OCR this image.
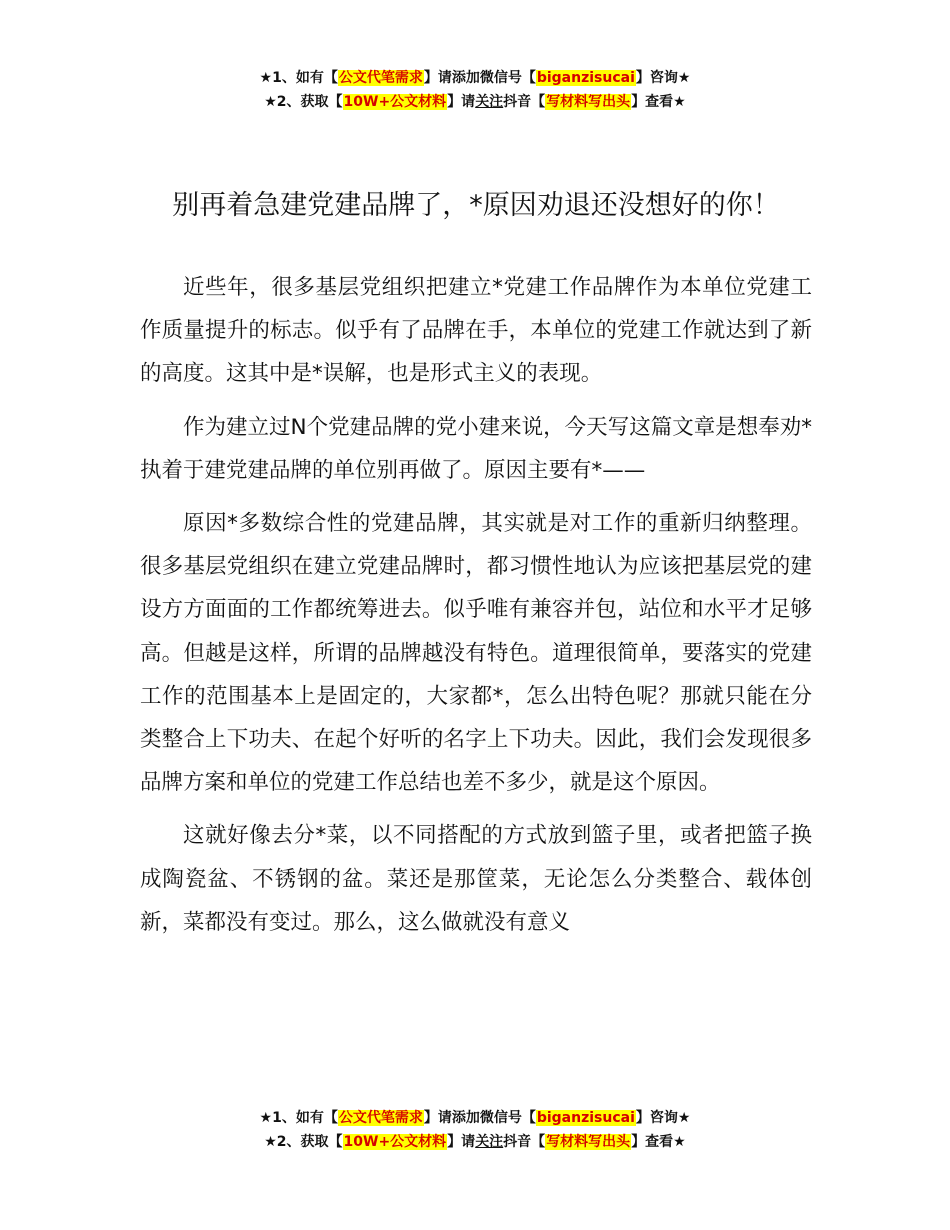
★1、如有【公文代笔需求】请添加微信号【biganzisucai】咨询★
★2、获取【10W+公文材料】请关注抖音【写材料写出头】查看★
别再着急建党建品牌了，*原因劝退还没想好的你！

近些年，很多基层党组织把建立*党建工作品牌作为本单位党建工作质量提升的标志。似乎有了品牌在手，本单位的党建工作就达到了新的高度。这其中是*误解，也是形式主义的表现。

作为建立过N个党建品牌的党小建来说，今天写这篇文章是想奉劝*执着于建党建品牌的单位别再做了。原因主要有*——

原因*多数综合性的党建品牌，其实就是对工作的重新归纳整理。很多基层党组织在建立党建品牌时，都习惯性地认为应该把基层党的建设方方面面的工作都统筹进去。似乎唯有兼容并包，站位和水平才足够高。但越是这样，所谓的品牌越没有特色。道理很简单，要落实的党建工作的范围基本上是固定的，大家都*，怎么出特色呢？那就只能在分类整合上下功夫、在起个好听的名字上下功夫。因此，我们会发现很多品牌方案和单位的党建工作总结也差不多少，就是这个原因。

这就好像去分*菜，以不同搭配的方式放到篮子里，或者把篮子换成陶瓷盆、不锈钢的盆。菜还是那筐菜，无论怎么分类整合、载体创新，菜都没有变过。那么，这么做就没有意义

★1、如有【公文代笔需求】请添加微信号【biganzisucai】咨询★
★2、获取【10W+公文材料】请关注抖音【写材料写出头】查看★
